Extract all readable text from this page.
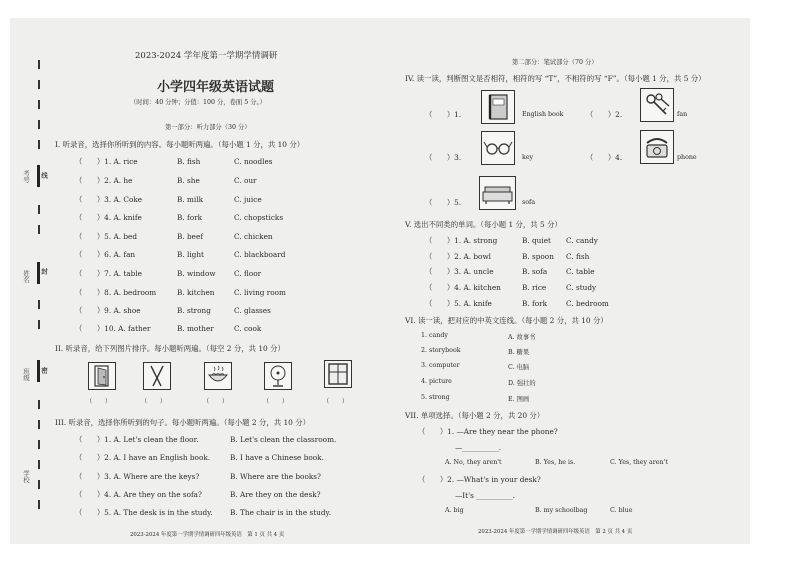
考号
姓名
班级
学校
线
封
密
2023-2024 学年度第一学期学情调研
小学四年级英语试题
（时间：40 分钟；分值：100 分，卷面 5 分。）
第一部分：听力部分（30 分）
I. 听录音，选择你所听到的内容。每小题听两遍。（每小题 1 分，共 10 分）
（　　）1. A. rice	B. fish	C. noodles
（　　）2. A. he	B. she	C. our
（　　）3. A. Coke	B. milk	C. juice
（　　）4. A. knife	B. fork	C. chopsticks
（　　）5. A. bed	B. beef	C. chicken
（　　）6. A. fan	B. light	C. blackboard
（　　）7. A. table	B. window	C. floor
（　　）8. A. bedroom	B. kitchen	C. living room
（　　）9. A. shoe	B. strong	C. glasses
（　　）10. A. father	B. mother	C. cook
II. 听录音，给下列图片排序。每小题听两遍。（每空 2 分，共 10 分）
（　　）	（　　）	（　　）	（　　）	（　　）
III. 听录音，选择你所听到的句子。每小题听两遍。（每小题 2 分，共 10 分）
（　　）1. A. Let's clean the floor.	B. Let's clean the classroom.
（　　）2. A. I have an English book.	B. I have a Chinese book.
（　　）3. A. Where are the keys?	B. Where are the books?
（　　）4. A. Are they on the sofa?	B. Are they on the desk?
（　　）5. A. The desk is in the study. B. The chair is in the study.
2023-2024 年度第一学期学情调研四年级英语　第 1 页 共 4 页
第二部分：笔试部分（70 分）
IV. 读一读，判断图文是否相符，相符的写 “T”，不相符的写 “F”。（每小题 1 分，共 5 分）
（　　）1.	English book	（　　）2.	fan
（　　）3.	key	（　　）4.	phone
（　　）5.	sofa
V. 选出不同类的单词。（每小题 1 分，共 5 分）
（　　）1. A. strong	B. quiet C. candy
（　　）2. A. bowl	B. spoon C. fish
（　　）3. A. uncle	B. sofa	C. table
（　　）4. A. kitchen	B. rice	C. study
（　　）5. A. knife	B. fork	C. bedroom
VI. 读一读，把对应的中英文连线。（每小题 2 分，共 10 分）
1. candy	A. 故事书
2. storybook	B. 糖果
3. computer	C. 电脑
4. picture	D. 强壮的
5. strong	E. 图画
VII. 单项选择。（每小题 2 分，共 20 分）
（　　）1. —Are they near the phone?
—__________.
A. No, they aren't	B. Yes, he is.	C. Yes, they aren't
（　　）2. —What's in your desk?
—It's __________.
A. big	B. my schoolbag	C. blue
2023-2024 年度第一学期学情调研四年级英语　第 2 页 共 4 页
